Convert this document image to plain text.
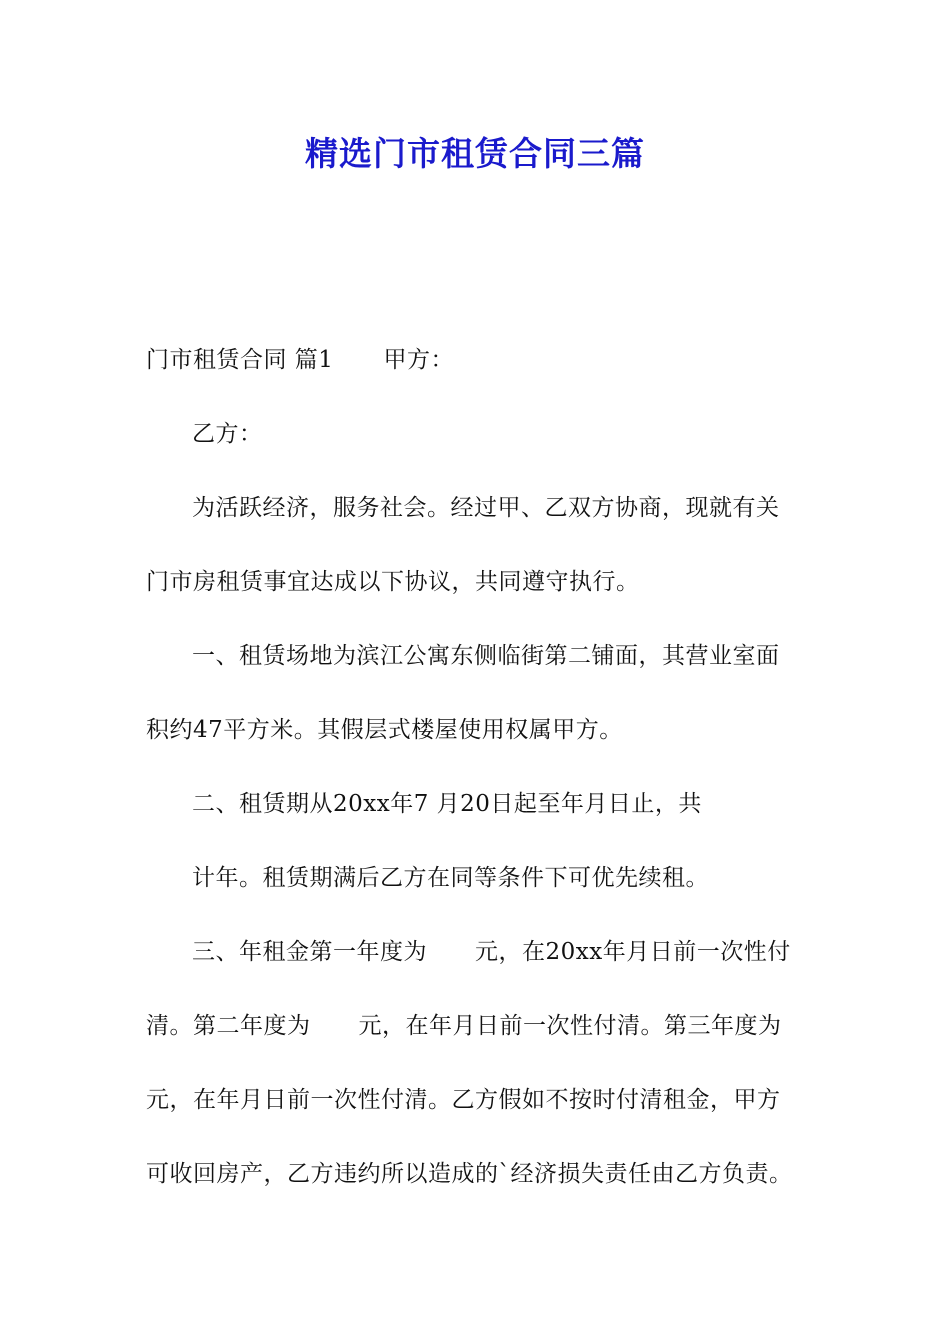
精选门市租赁合同三篇
门市租赁合同 篇1 甲方：
乙方：
为活跃经济，服务社会。经过甲、乙双方协商，现就有关
门市房租赁事宜达成以下协议，共同遵守执行。
一、租赁场地为滨江公寓东侧临街第二铺面，其营业室面
积约47平方米。其假层式楼屋使用权属甲方。
二、租赁期从20xx年7 月20日起至年月日止，共
计年。租赁期满后乙方在同等条件下可优先续租。
三、年租金第一年度为 元，在20xx年月日前一次性付
清。第二年度为 元，在年月日前一次性付清。第三年度为
元，在年月日前一次性付清。乙方假如不按时付清租金，甲方
可收回房产，乙方违约所以造成的`经济损失责任由乙方负责。
